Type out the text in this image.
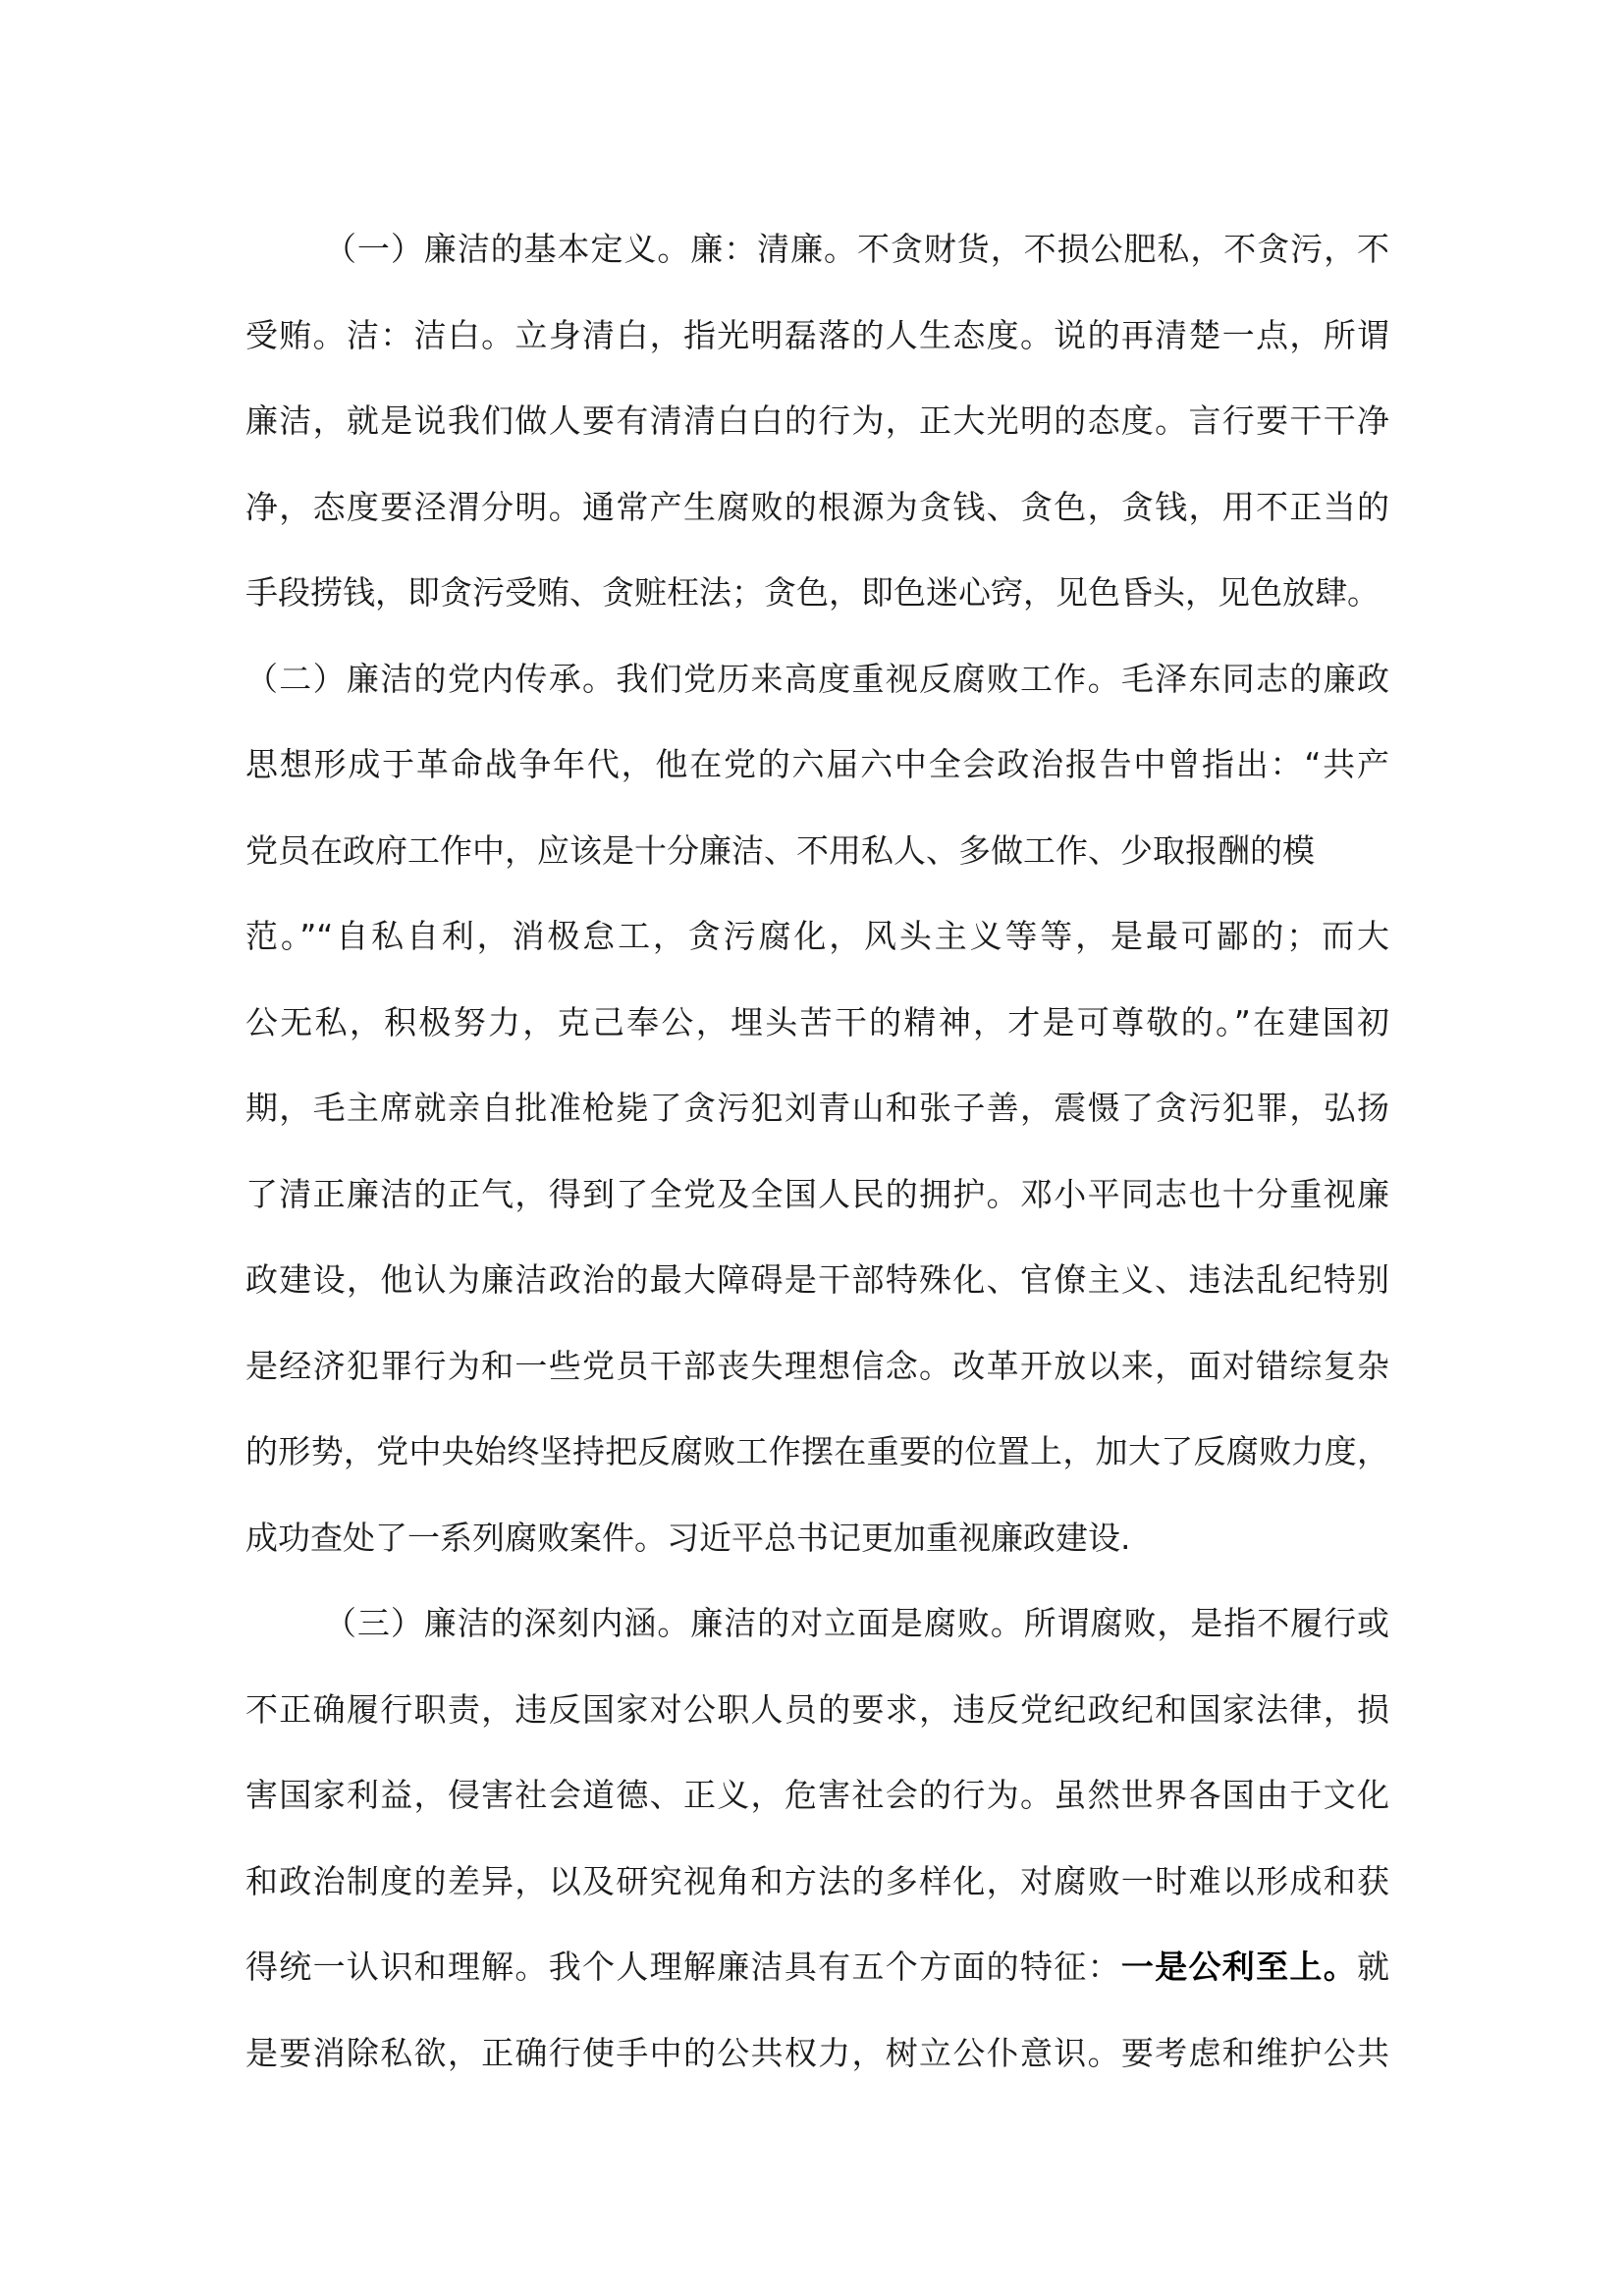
（一）廉洁的基本定义。廉：清廉。不贪财货，不损公肥私，不贪污，不
受贿。洁：洁白。立身清白，指光明磊落的人生态度。说的再清楚一点，所谓
廉洁，就是说我们做人要有清清白白的行为，正大光明的态度。言行要干干净
净，态度要泾渭分明。通常产生腐败的根源为贪钱、贪色，贪钱，用不正当的
手段捞钱，即贪污受贿、贪赃枉法；贪色，即色迷心窍，见色昏头，见色放肆。
（二）廉洁的党内传承。我们党历来高度重视反腐败工作。毛泽东同志的廉政
思想形成于革命战争年代，他在党的六届六中全会政治报告中曾指出：“共产
党员在政府工作中，应该是十分廉洁、不用私人、多做工作、少取报酬的模
范。”“自私自利，消极怠工，贪污腐化，风头主义等等，是最可鄙的；而大
公无私，积极努力，克己奉公，埋头苦干的精神，才是可尊敬的。”在建国初
期，毛主席就亲自批准枪毙了贪污犯刘青山和张子善，震慑了贪污犯罪，弘扬
了清正廉洁的正气，得到了全党及全国人民的拥护。邓小平同志也十分重视廉
政建设，他认为廉洁政治的最大障碍是干部特殊化、官僚主义、违法乱纪特别
是经济犯罪行为和一些党员干部丧失理想信念。改革开放以来，面对错综复杂
的形势，党中央始终坚持把反腐败工作摆在重要的位置上，加大了反腐败力度，
成功查处了一系列腐败案件。习近平总书记更加重视廉政建设.
（三）廉洁的深刻内涵。廉洁的对立面是腐败。所谓腐败，是指不履行或
不正确履行职责，违反国家对公职人员的要求，违反党纪政纪和国家法律，损
害国家利益，侵害社会道德、正义，危害社会的行为。虽然世界各国由于文化
和政治制度的差异，以及研究视角和方法的多样化，对腐败一时难以形成和获
得统一认识和理解。我个人理解廉洁具有五个方面的特征：一是公利至上。就
是要消除私欲，正确行使手中的公共权力，树立公仆意识。要考虑和维护公共
